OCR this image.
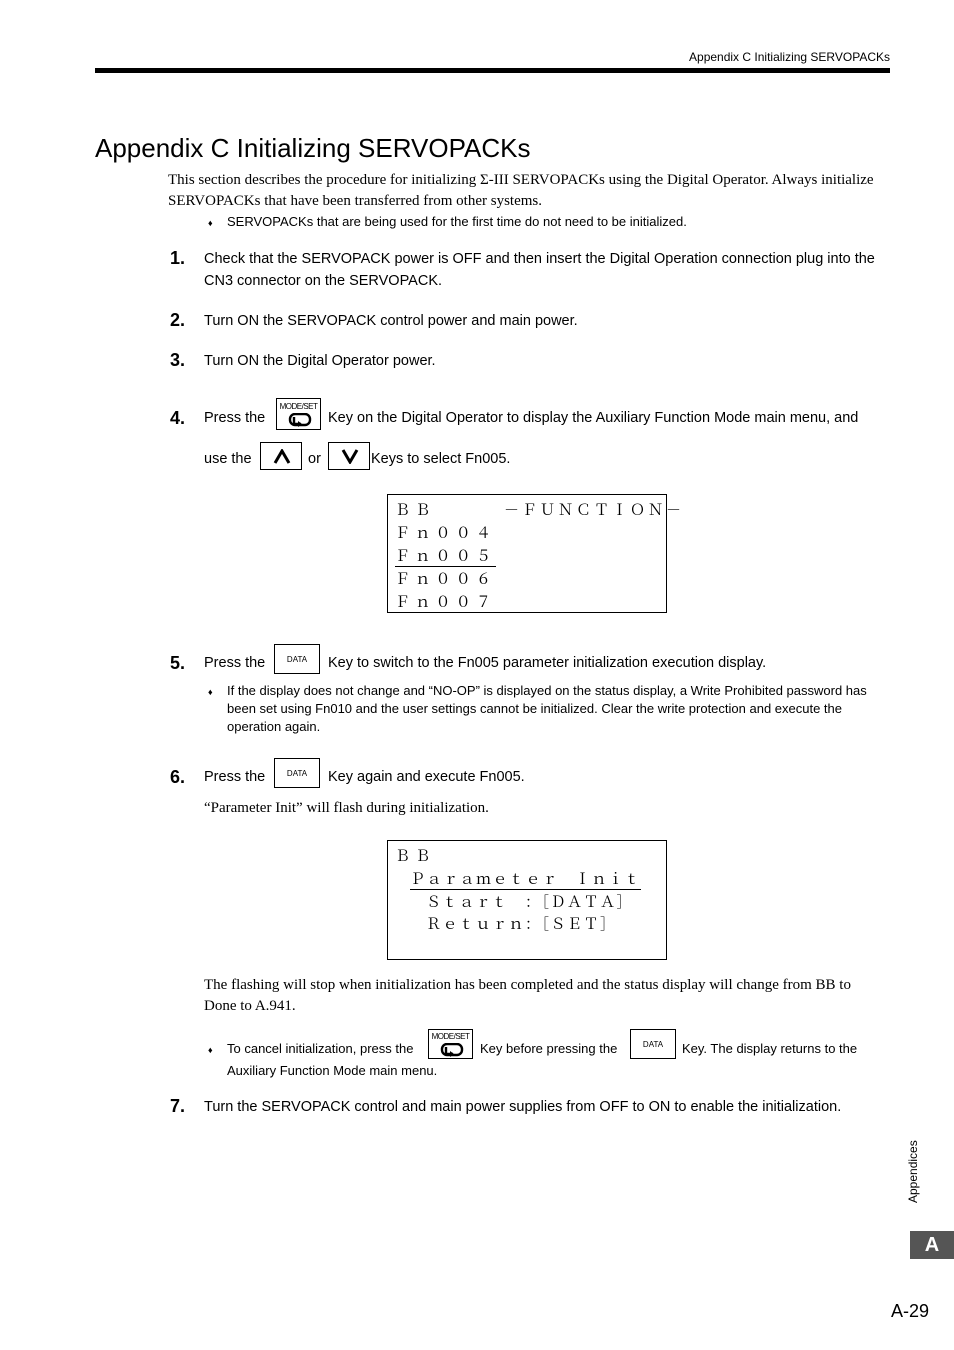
Appendix C Initializing SERVOPACKs
Appendix C Initializing SERVOPACKs
This section describes the procedure for initializing Σ-III SERVOPACKs using the Digital Operator. Always initialize SERVOPACKs that have been transferred from other systems.
♦ SERVOPACKs that are being used for the first time do not need to be initialized.
1. Check that the SERVOPACK power is OFF and then insert the Digital Operation connection plug into the CN3 connector on the SERVOPACK.
2. Turn ON the SERVOPACK control power and main power.
3. Turn ON the Digital Operator power.
4. Press the
MODE/SET
Key on the Digital Operator to display the Auxiliary Function Mode main menu, and
use the	or	Keys to select Fn005.
ＢＢ	－ＦＵＮＣＴＩＯＮ－
Ｆｎ００４
Ｆｎ００５
Ｆｎ００６
Ｆｎ００７
5. Press the	DATA	Key to switch to the Fn005 parameter initialization execution display.
♦ If the display does not change and “NO-OP” is displayed on the status display, a Write Prohibited password has been set using Fn010 and the user settings cannot be initialized. Clear the write protection and execute the operation again.
6. Press the	DATA	Key again and execute Fn005.
“Parameter Init” will flash during initialization.
ＢＢ
Ｐａｒａｍｅｔｅｒ　Ｉｎｉｔ
Ｓｔａｒｔ　：［ＤＡＴＡ］
Ｒｅｔｕｒｎ：［ＳＥＴ］
The flashing will stop when initialization has been completed and the status display will change from BB to Done to A.941.
♦ To cancel initialization, press the
MODE/SET
Key before pressing the	DATA	Key. The display returns to the
Auxiliary Function Mode main menu.
7. Turn the SERVOPACK control and main power supplies from OFF to ON to enable the initialization.
Appendices
A
A-29
